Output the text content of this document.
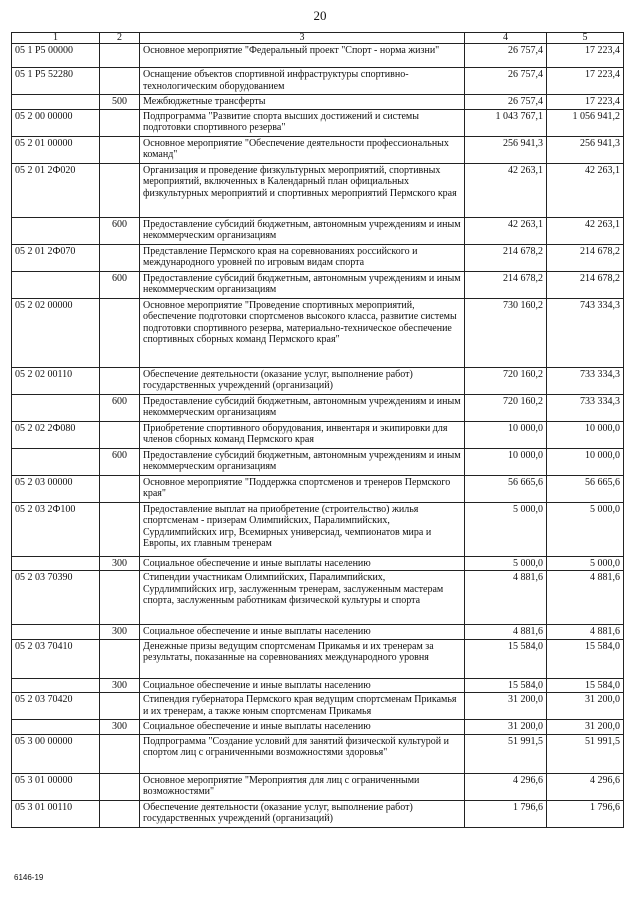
20
1	2	3	4	5
05 1 P5 00000		Основное мероприятие "Федеральный проект "Спорт - норма жизни"	26 757,4	17 223,4
05 1 P5 52280		Оснащение объектов спортивной инфраструктуры спортивно-технологическим оборудованием	26 757,4	17 223,4
	500	Межбюджетные трансферты	26 757,4	17 223,4
05 2 00 00000		Подпрограмма "Развитие спорта высших достижений и системы подготовки спортивного резерва"	1 043 767,1	1 056 941,2
05 2 01 00000		Основное мероприятие "Обеспечение деятельности профессиональных команд"	256 941,3	256 941,3
05 2 01 2Ф020		Организация и проведение физкультурных мероприятий, спортивных мероприятий, включенных в Календарный план официальных физкультурных мероприятий и спортивных мероприятий Пермского края	42 263,1	42 263,1
	600	Предоставление субсидий бюджетным, автономным учреждениям и иным некоммерческим организациям	42 263,1	42 263,1
05 2 01 2Ф070		Представление Пермского края на соревнованиях российского и международного уровней по игровым видам спорта	214 678,2	214 678,2
	600	Предоставление субсидий бюджетным, автономным учреждениям и иным некоммерческим организациям	214 678,2	214 678,2
05 2 02 00000		Основное мероприятие "Проведение спортивных мероприятий, обеспечение подготовки спортсменов высокого класса, развитие системы подготовки спортивного резерва, материально-техническое обеспечение спортивных сборных команд Пермского края"	730 160,2	743 334,3
05 2 02 00110		Обеспечение деятельности (оказание услуг, выполнение работ) государственных учреждений (организаций)	720 160,2	733 334,3
	600	Предоставление субсидий бюджетным, автономным учреждениям и иным некоммерческим организациям	720 160,2	733 334,3
05 2 02 2Ф080		Приобретение спортивного оборудования, инвентаря и экипировки для членов сборных команд Пермского края	10 000,0	10 000,0
	600	Предоставление субсидий бюджетным, автономным учреждениям и иным некоммерческим организациям	10 000,0	10 000,0
05 2 03 00000		Основное мероприятие "Поддержка спортсменов и тренеров Пермского края"	56 665,6	56 665,6
05 2 03 2Ф100		Предоставление выплат на приобретение (строительство) жилья спортсменам - призерам Олимпийских, Паралимпийских, Сурдлимпийских игр, Всемирных универсиад, чемпионатов мира и Европы, их главным тренерам	5 000,0	5 000,0
	300	Социальное обеспечение и иные выплаты населению	5 000,0	5 000,0
05 2 03 70390		Стипендии участникам Олимпийских, Паралимпийских, Сурдлимпийских игр, заслуженным тренерам, заслуженным мастерам спорта, заслуженным работникам физической культуры и спорта	4 881,6	4 881,6
	300	Социальное обеспечение и иные выплаты населению	4 881,6	4 881,6
05 2 03 70410		Денежные призы ведущим спортсменам Прикамья и их тренерам за результаты, показанные на соревнованиях международного уровня	15 584,0	15 584,0
	300	Социальное обеспечение и иные выплаты населению	15 584,0	15 584,0
05 2 03 70420		Стипендия губернатора Пермского края ведущим спортсменам Прикамья и их тренерам, а также юным спортсменам Прикамья	31 200,0	31 200,0
	300	Социальное обеспечение и иные выплаты населению	31 200,0	31 200,0
05 3 00 00000		Подпрограмма "Создание условий для занятий физической культурой и спортом лиц с ограниченными возможностями здоровья"	51 991,5	51 991,5
05 3 01 00000		Основное мероприятие "Мероприятия для лиц с ограниченными возможностями"	4 296,6	4 296,6
05 3 01 00110		Обеспечение деятельности (оказание услуг, выполнение работ) государственных учреждений (организаций)	1 796,6	1 796,6
6146-19
